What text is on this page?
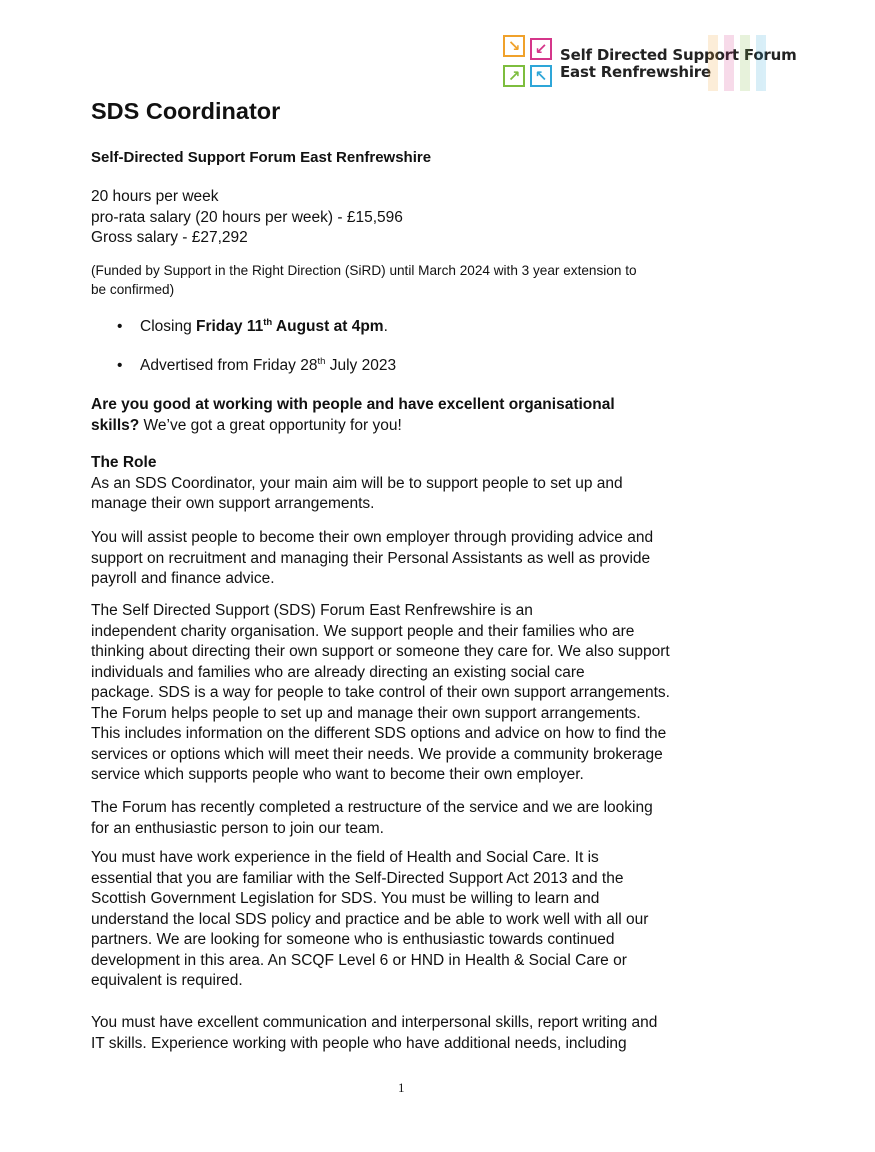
↘ ↙
↗ ↖
Self Directed Support Forum
East Renfrewshire
SDS Coordinator

Self-Directed Support Forum East Renfrewshire

20 hours per week
pro-rata salary (20 hours per week) - £15,596
Gross salary - £27,292

(Funded by Support in the Right Direction (SiRD) until March 2024 with 3 year extension to
be confirmed)

• Closing Friday 11th August at 4pm.
• Advertised from Friday 28th July 2023

Are you good at working with people and have excellent organisational
skills? We’ve got a great opportunity for you!

The Role
As an SDS Coordinator, your main aim will be to support people to set up and
manage their own support arrangements.

You will assist people to become their own employer through providing advice and
support on recruitment and managing their Personal Assistants as well as provide
payroll and finance advice.

The Self Directed Support (SDS) Forum East Renfrewshire is an
independent charity organisation. We support people and their families who are
thinking about directing their own support or someone they care for. We also support
individuals and families who are already directing an existing social care
package. SDS is a way for people to take control of their own support arrangements.
The Forum helps people to set up and manage their own support arrangements.
This includes information on the different SDS options and advice on how to find the
services or options which will meet their needs. We provide a community brokerage
service which supports people who want to become their own employer.

The Forum has recently completed a restructure of the service and we are looking
for an enthusiastic person to join our team.

You must have work experience in the field of Health and Social Care. It is
essential that you are familiar with the Self-Directed Support Act 2013 and the
Scottish Government Legislation for SDS. You must be willing to learn and
understand the local SDS policy and practice and be able to work well with all our
partners. We are looking for someone who is enthusiastic towards continued
development in this area. An SCQF Level 6 or HND in Health & Social Care or
equivalent is required.

You must have excellent communication and interpersonal skills, report writing and
IT skills. Experience working with people who have additional needs, including

1
